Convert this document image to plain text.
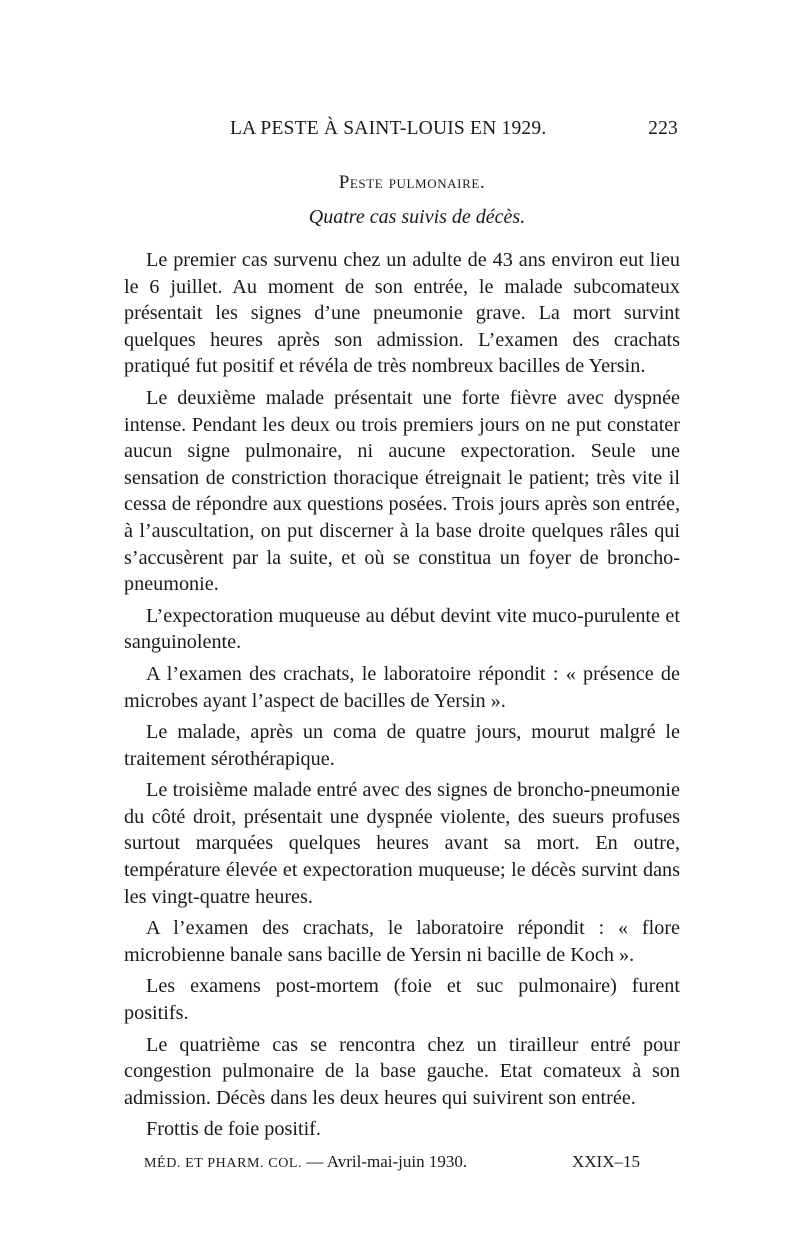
LA PESTE À SAINT-LOUIS EN 1929.	223
Peste pulmonaire.
Quatre cas suivis de décès.

Le premier cas survenu chez un adulte de 43 ans environ eut lieu le 6 juillet. Au moment de son entrée, le malade subcomateux présentait les signes d’une pneumonie grave. La mort survint quelques heures après son admission. L’examen des crachats pratiqué fut positif et révéla de très nombreux bacilles de Yersin.

Le deuxième malade présentait une forte fièvre avec dyspnée intense. Pendant les deux ou trois premiers jours on ne put constater aucun signe pulmonaire, ni aucune expectoration. Seule une sensation de constriction thoracique étreignait le patient; très vite il cessa de répondre aux questions posées. Trois jours après son entrée, à l’auscultation, on put discerner à la base droite quelques râles qui s’accusèrent par la suite, et où se constitua un foyer de broncho-pneumonie.

L’expectoration muqueuse au début devint vite muco-purulente et sanguinolente.

A l’examen des crachats, le laboratoire répondit : « présence de microbes ayant l’aspect de bacilles de Yersin ».

Le malade, après un coma de quatre jours, mourut malgré le traitement sérothérapique.

Le troisième malade entré avec des signes de broncho-pneumonie du côté droit, présentait une dyspnée violente, des sueurs profuses surtout marquées quelques heures avant sa mort. En outre, température élevée et expectoration muqueuse; le décès survint dans les vingt-quatre heures.

A l’examen des crachats, le laboratoire répondit : « flore microbienne banale sans bacille de Yersin ni bacille de Koch ».

Les examens post-mortem (foie et suc pulmonaire) furent positifs.

Le quatrième cas se rencontra chez un tirailleur entré pour congestion pulmonaire de la base gauche. Etat comateux à son admission. Décès dans les deux heures qui suivirent son entrée.

Frottis de foie positif.

MÉD. ET PHARM. COL. — Avril-mai-juin 1930.	XXIX–15
